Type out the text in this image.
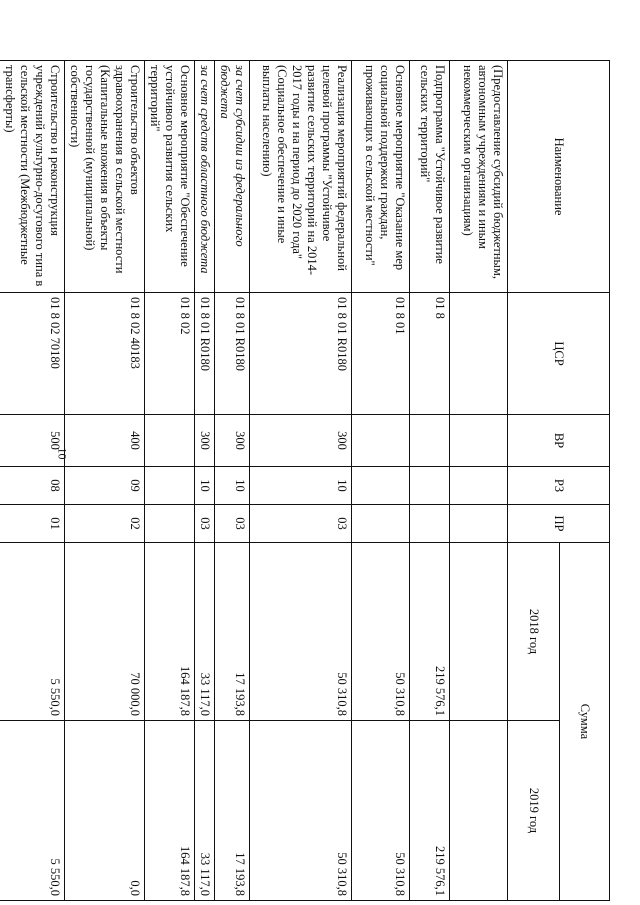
10
Наименование	ЦСР	ВР	РЗ	ПР	Сумма	
					2018 год	2019 год
(Предоставление субсидий бюджетным, автономным учреждениям и иным некоммерческим организациям)						
Подпрограмма "Устойчивое развитие сельских территорий"	01 8				219 576,1	219 576,1
Основное мероприятие "Оказание мер социальной поддержки граждан, проживающих в сельской местности"	01 8 01				50 310,8	50 310,8
Реализация мероприятий федеральной целевой программы "Устойчивое развитие сельских территорий на 2014-2017 годы и на период до 2020 года" (Социальное обеспечение и иные выплаты населению)	01 8 01 R0180	300	10	03	50 310,8	50 310,8
за счет субсидии из федерального бюджета	01 8 01 R0180	300	10	03	17 193,8	17 193,8
за счет средств областного бюджета	01 8 01 R0180	300	10	03	33 117,0	33 117,0
Основное мероприятие "Обеспечение устойчивого развития сельских территорий"	01 8 02				164 187,8	164 187,8
Строительство объектов здравоохранения в сельской местности (Капитальные вложения в объекты государственной (муниципальной) собственности)	01 8 02 40183	400	09	02	70 000,0	0,0
Строительство и реконструкция учреждений культурно-досугового типа в сельской местности (Межбюджетные трансферты)	01 8 02 70180	500	08	01	5 550,0	5 550,0
